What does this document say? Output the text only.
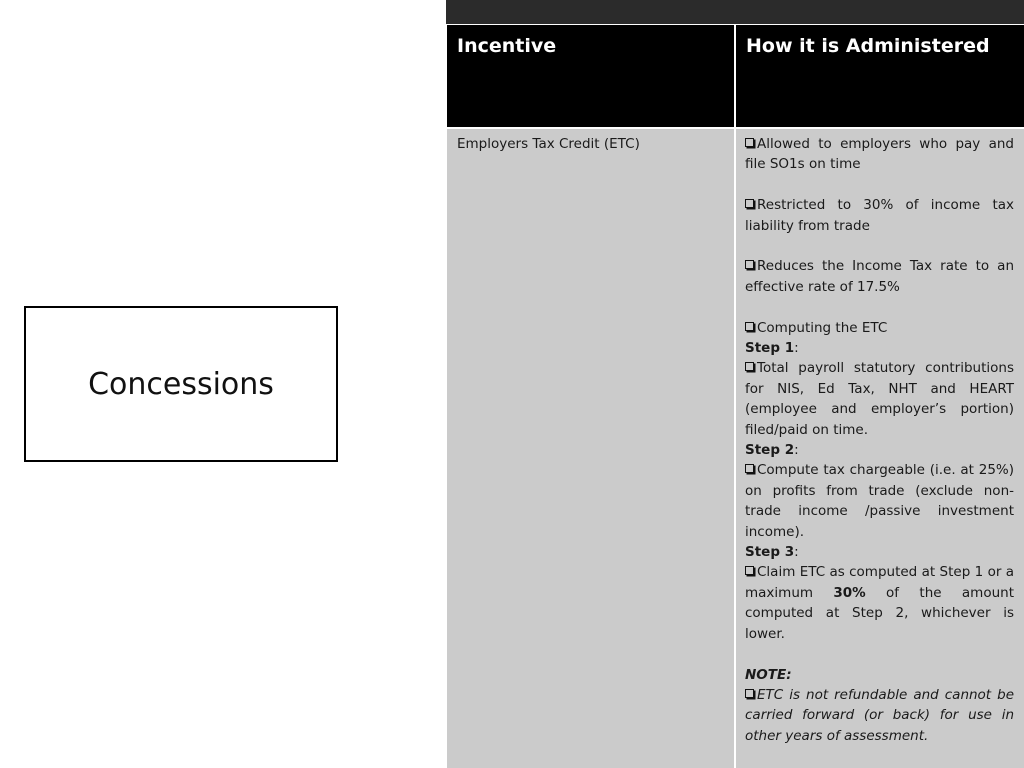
Concessions
Incentive	How it is Administered
Employers Tax Credit (ETC)	Allowed to employers who pay and file SO1s on time

Restricted to 30% of income tax liability from trade

Reduces the Income Tax rate to an effective rate of 17.5%

Computing the ETC

Step 1:

Total payroll statutory contributions for NIS, Ed Tax, NHT and HEART (employee and employer’s portion) filed/paid on time.

Step 2:

Compute tax chargeable (i.e. at 25%) on profits from trade (exclude non-trade income /passive investment income).

Step 3:

Claim ETC as computed at Step 1 or a maximum 30% of the amount computed at Step 2, whichever is lower.

NOTE:

ETC is not refundable and cannot be carried forward (or back) for use in other years of assessment.
